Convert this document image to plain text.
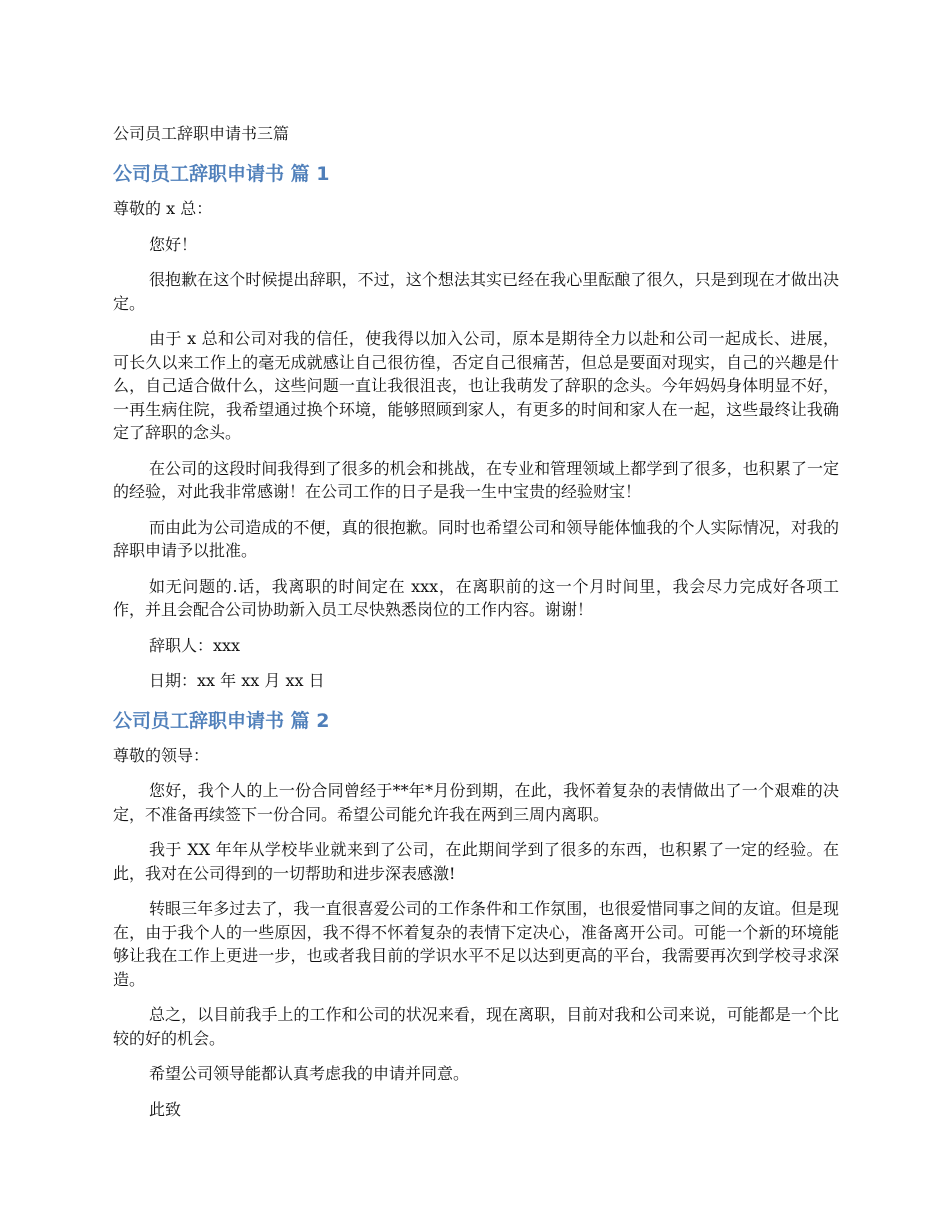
公司员工辞职申请书三篇
公司员工辞职申请书 篇 1

尊敬的 x 总：

您好！

很抱歉在这个时候提出辞职，不过，这个想法其实已经在我心里酝酿了很久，只是到现在才做出决定。

由于 x 总和公司对我的信任，使我得以加入公司，原本是期待全力以赴和公司一起成长、进展，可长久以来工作上的毫无成就感让自己很彷徨，否定自己很痛苦，但总是要面对现实，自己的兴趣是什么，自己适合做什么，这些问题一直让我很沮丧，也让我萌发了辞职的念头。今年妈妈身体明显不好，一再生病住院，我希望通过换个环境，能够照顾到家人，有更多的时间和家人在一起，这些最终让我确定了辞职的念头。

在公司的这段时间我得到了很多的机会和挑战，在专业和管理领域上都学到了很多，也积累了一定的经验，对此我非常感谢！在公司工作的日子是我一生中宝贵的经验财宝！

而由此为公司造成的不便，真的很抱歉。同时也希望公司和领导能体恤我的个人实际情况，对我的辞职申请予以批准。

如无问题的.话，我离职的时间定在 xxx，在离职前的这一个月时间里，我会尽力完成好各项工作，并且会配合公司协助新入员工尽快熟悉岗位的工作内容。谢谢！

辞职人：xxx

日期：xx 年 xx 月 xx 日

公司员工辞职申请书 篇 2

尊敬的领导：

您好，我个人的上一份合同曾经于**年*月份到期，在此，我怀着复杂的表情做出了一个艰难的决定，不准备再续签下一份合同。希望公司能允许我在两到三周内离职。

我于 XX 年年从学校毕业就来到了公司，在此期间学到了很多的东西，也积累了一定的经验。在此，我对在公司得到的一切帮助和进步深表感激!

转眼三年多过去了，我一直很喜爱公司的工作条件和工作氛围，也很爱惜同事之间的友谊。但是现在，由于我个人的一些原因，我不得不怀着复杂的表情下定决心，准备离开公司。可能一个新的环境能够让我在工作上更进一步，也或者我目前的学识水平不足以达到更高的平台，我需要再次到学校寻求深造。

总之，以目前我手上的工作和公司的状况来看，现在离职，目前对我和公司来说，可能都是一个比较的好的机会。

希望公司领导能都认真考虑我的申请并同意。

此致
